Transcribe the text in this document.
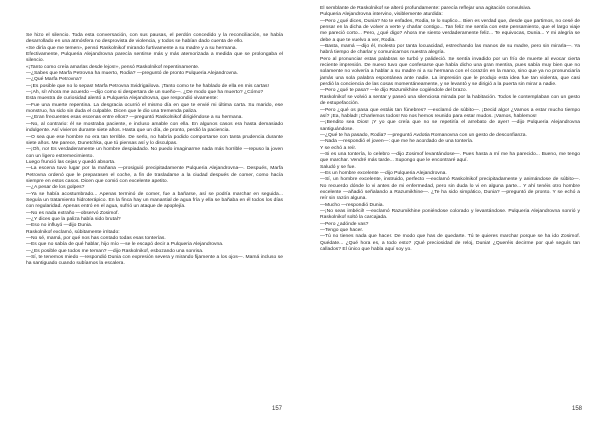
Se hizo el silencio. Toda esta conversación, con sus pausas, el perdón concedido y la reconciliación, se había desarrollado en una atmósfera no desprovista de violencia, y todos se habían dado cuenta de ello.

«Se diría que me temen», pensó Raskolnikof mirando furtivamente a su madre y a su hermana.

Efectivamente, Pulqueria Alejandrovna parecía sentirse más y más atemorizada a medida que se prolongaba el silencio.

«¡Tanto como creía amarlas desde lejos!», pensó Raskolnikof repentinamente.

—¿Sabes que Marfa Petrovna ha muerto, Rodia? —preguntó de pronto Pulqueria Alejandrovna.

—¿Qué Marfa Petrovna?

—¡Es posible que no lo sepas! Marfa Petrovna Svidrigailova. ¡Tanto como te he hablado de ella en mis cartas!

—¡Ah, sí! Ahora me acuerdo —dijo como si despertara de un sueño—. ¿De modo que ha muerto? ¿Cómo?

Esta muestra de curiosidad alentó a Pulqueria Alejandrovna, que respondió vivamente:

—Fue una muerte repentina. La desgracia ocurrió el mismo día en que te envié mi última carta. Su marido, ese monstruo, ha sido sin duda el culpable. Dicen que le dio una tremenda paliza.

—¿Eran frecuentes esas escenas entre ellos? —preguntó Raskolnikof dirigiéndose a su hermana.

—No, al contrario: él se mostraba paciente, e incluso amable con ella. En algunos casos era hasta demasiado indulgente. Así vivieron durante siete años. Hasta que un día, de pronto, perdió la paciencia.

—O sea que ese hombre no era tan terrible. De serlo, no habría podido comportarse con tanta prudencia durante siete años. Me parece, Dunetchka, que tú piensas así y lo disculpas.

—¡Oh, no! Es verdaderamente un hombre despiadado. No puedo imaginarme nada más horrible —repuso la joven con un ligero estremecimiento.

Luego frunció las cejas y quedó absorta.

—La escena tuvo lugar por la mañana —prosiguió precipitadamente Pulqueria Alejandrovna—. Después, Marfa Petrovna ordenó que le preparasen el coche, a fin de trasladarse a la ciudad después de comer, como hacía siempre en estos casos. Dicen que comió con excelente apetito.

—¿A pesar de los golpes?

—Ya se había acostumbrado... Apenas terminó de comer, fue a bañarse, así se podría marchar en seguida... Seguía un tratamiento hidroterápico. En la finca hay un manantial de agua fría y ella se bañaba en él todos los días con regularidad. Apenas entró en el agua, sufrió un ataque de apoplejía.

—No es nada extraño —observó Zosimof.

—¿Y dices que la paliza había sido brutal?

—Eso no influyó —dijo Dunia.

Raskolnikof exclamó, súbitamente irritado:

—No sé, mamá, por qué nos has contado todas esas tonterías.

—Es que no sabía de qué hablar, hijo mío —se le escapó decir a Pulqueria Alejandrovna.

—¿Es posible que todos me teman? —dijo Raskolnikof, esbozando una sonrisa.

—Sí, te tenemos miedo —respondió Dunia con expresión severa y mirando fijamente a los ojos—. Mamá incluso se ha santiguado cuando subíamos la escalera.

157

El semblante de Raskolnikof se alteró profundamente: parecía reflejar una agitación convulsiva.

Pulqueria Alejandrovna intervino, visiblemente aturdida:

—Pero ¿qué dices, Dunia? No te enfades, Rodia, te lo suplico... Bien es verdad que, desde que partimos, no cesé de pensar en la dicha de volver a verte y charlar contigo... Tan feliz me sentía con este pensamiento, que el largo viaje me pareció corto... Pero, ¿qué digo? Ahora me siento verdaderamente feliz... Te equivocas, Dunia... Y mi alegría se debe a que te vuelvo a ver, Rodia.

—Basta, mamá —dijo él, molesto por tanta locuacidad, estrechando las manos de su madre, pero sin mirarla—. Ya habrá tiempo de charlar y comunicarnos nuestra alegría.

Pero al pronunciar estas palabras se turbó y palideció. Se sentía invadido por un frío de muerte al evocar cierta reciente impresión. De nuevo tuvo que confesarse que había dicho una gran mentira, pues sabía muy bien que no solamente no volvería a hablar a su madre ni a su hermana con el corazón en la mano, sino que ya no pronunciaría jamás una sola palabra espontánea ante nadie. La impresión que le produjo esta idea fue tan violenta, que casi perdió la conciencia de las cosas momentáneamente, y se levantó y se dirigió a la puerta sin mirar a nadie.

—Pero ¿qué te pasa? —le dijo Razumikhine cogiéndole del brazo.

Raskolnikof se volvió a sentar y paseó una silenciosa mirada por la habitación. Todos le contemplaban con un gesto de estupefacción.

—Pero ¿qué os pasa que estáis tan fúnebres? —exclamó de súbito—. ¡Decid algo! ¿Vamos a estar mucho tiempo así? ¡Ea, hablad! ¡Charlemos todos! No nos hemos reunido para estar mudos. ¡Vamos, hablemos!

—¡Bendito sea Dios! ¡Y yo que creía que no se repetiría el arrebato de ayer! —dijo Pulqueria Alejandrovna santiguándose.

—¿Qué te ha pasado, Rodia? —preguntó Avdotia Romanovna con un gesto de desconfianza.

—Nada —respondió el joven—: que me he acordado de una tontería.

Y se echó a reír.

—Si es una tontería, lo celebro —dijo Zosimof levantándose—. Pues hasta a mí me ha parecido... Bueno, me tengo que marchar. Vendré más tarde... Supongo que le encontraré aquí.

Saludó y se fue.

—Es un hombre excelente —dijo Pulqueria Alejandrovna.

—Sí, un hombre excelente, instruido, perfecto —exclamó Raskolnikof precipitadamente y animándose de súbito—. No recuerdo dónde lo vi antes de mi enfermedad, pero sin duda lo vi en alguna parte... Y ahí tenéis otro hombre excelente —añadió señalando a Razumikhine—. ¿Te ha sido simpático, Dunia? —preguntó de pronto. Y se echó a reír sin razón alguna.

—Mucho —respondió Dunia.

—¡No seas imbécil! —exclamó Razumikhine poniéndose colorado y levantándose. Pulqueria Alejandrovna sonrió y Raskolnikof soltó la carcajada.

—Pero ¿adónde vas?

—Tengo que hacer.

—Tú no tienes nada que hacer. De modo que has de quedarte. Tú te quieres marchar porque se ha ido Zosimof. Quédate... ¿Qué hora es, a todo esto? ¡Qué preciosidad de reloj, Dunia! ¿Queréis decirme por qué seguís tan callados? El único que habla aquí soy yo.

158
